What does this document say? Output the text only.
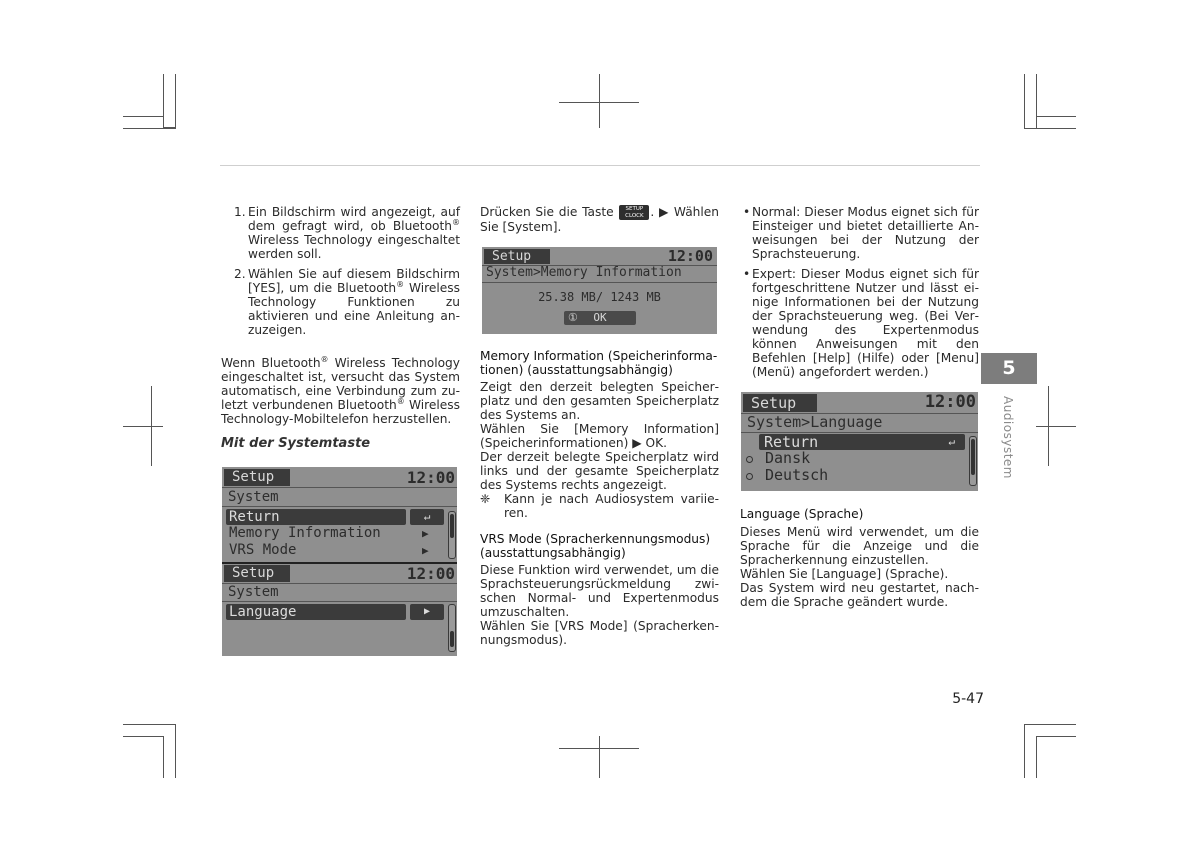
1. Ein Bildschirm wird angezeigt, auf dem gefragt wird, ob Bluetooth® Wireless Technology eingeschaltet werden soll.
2. Wählen Sie auf diesem Bildschirm [YES], um die Bluetooth® Wireless Technology Funktionen zu aktivieren und eine Anleitung anzuzeigen.
Wenn Bluetooth® Wireless Technology eingeschaltet ist, versucht das System automatisch, eine Verbindung zum zuletzt verbundenen Bluetooth® Wireless Technology-Mobiltelefon herzustellen.
Mit der Systemtaste
Setup	12:00
System
Return	↵
Memory Information	▶
VRS Mode	▶
Setup	12:00
System
Language	▶
Drücken Sie die Taste	SETUP
CLOCK . ▶ Wählen Sie [System].
Setup	12:00
System>Memory Information
25.38 MB/ 1243 MB
① OK
Memory Information (Speicherinformationen) (ausstattungsabhängig)
Zeigt den derzeit belegten Speicherplatz und den gesamten Speicherplatz des Systems an.
Wählen Sie [Memory Information] (Speicherinformationen) ▶ OK.
Der derzeit belegte Speicherplatz wird links und der gesamte Speicherplatz des Systems rechts angezeigt.
❈ Kann je nach Audiosystem variieren.
VRS Mode (Spracherkennungsmodus) (ausstattungsabhängig)
Diese Funktion wird verwendet, um die Sprachsteuerungsrückmeldung zwischen Normal- und Expertenmodus umzuschalten.
Wählen Sie [VRS Mode] (Spracherkennungsmodus).
• Normal: Dieser Modus eignet sich für Einsteiger und bietet detaillierte Anweisungen bei der Nutzung der Sprachsteuerung.
• Expert: Dieser Modus eignet sich für fortgeschrittene Nutzer und lässt einige Informationen bei der Nutzung der Sprachsteuerung weg. (Bei Verwendung des Expertenmodus können Anweisungen mit den Befehlen [Help] (Hilfe) oder [Menu] (Menü) angefordert werden.)
Setup	12:00
System>Language
Return	↵
Dansk
Deutsch
Language (Sprache)
Dieses Menü wird verwendet, um die Sprache für die Anzeige und die Spracherkennung einzustellen.
Wählen Sie [Language] (Sprache).
Das System wird neu gestartet, nachdem die Sprache geändert wurde.
5
Audiosystem
5-47
